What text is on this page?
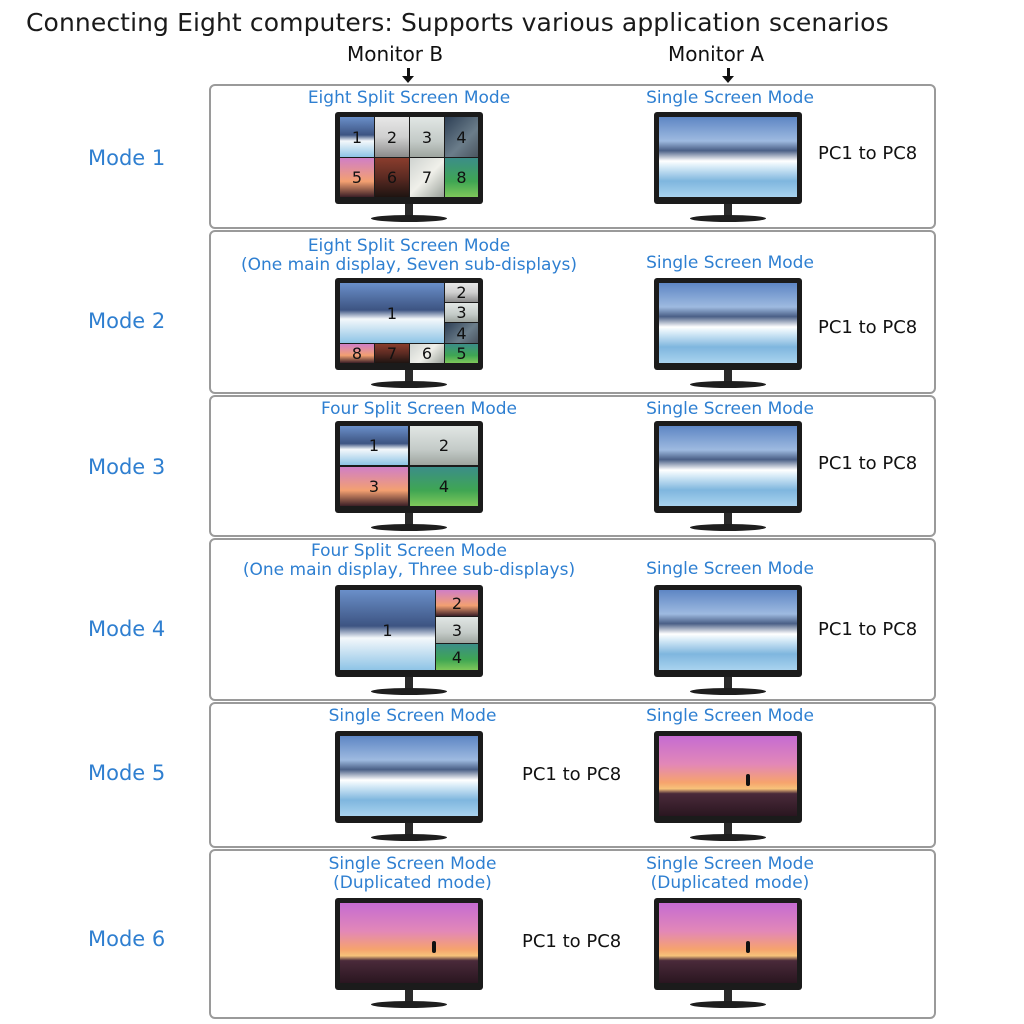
Connecting Eight computers: Supports various application scenarios
Monitor B	Monitor A
Mode 1
Eight Split Screen Mode	Single Screen Mode
1	2	3	4
5	6	7	8
PC1 to PC8
Mode 2
Eight Split Screen Mode
(One main display, Seven sub-displays)	Single Screen Mode
1
2
3
4
5
6
7
8
PC1 to PC8
Mode 3
Four Split Screen Mode	Single Screen Mode
1	2
3	4
PC1 to PC8
Mode 4
Four Split Screen Mode
(One main display, Three sub-displays)	Single Screen Mode
1
2
3
4
PC1 to PC8
Mode 5
Single Screen Mode	Single Screen Mode
PC1 to PC8
Mode 6
Single Screen Mode
(Duplicated mode)
Single Screen Mode
(Duplicated mode)
PC1 to PC8
